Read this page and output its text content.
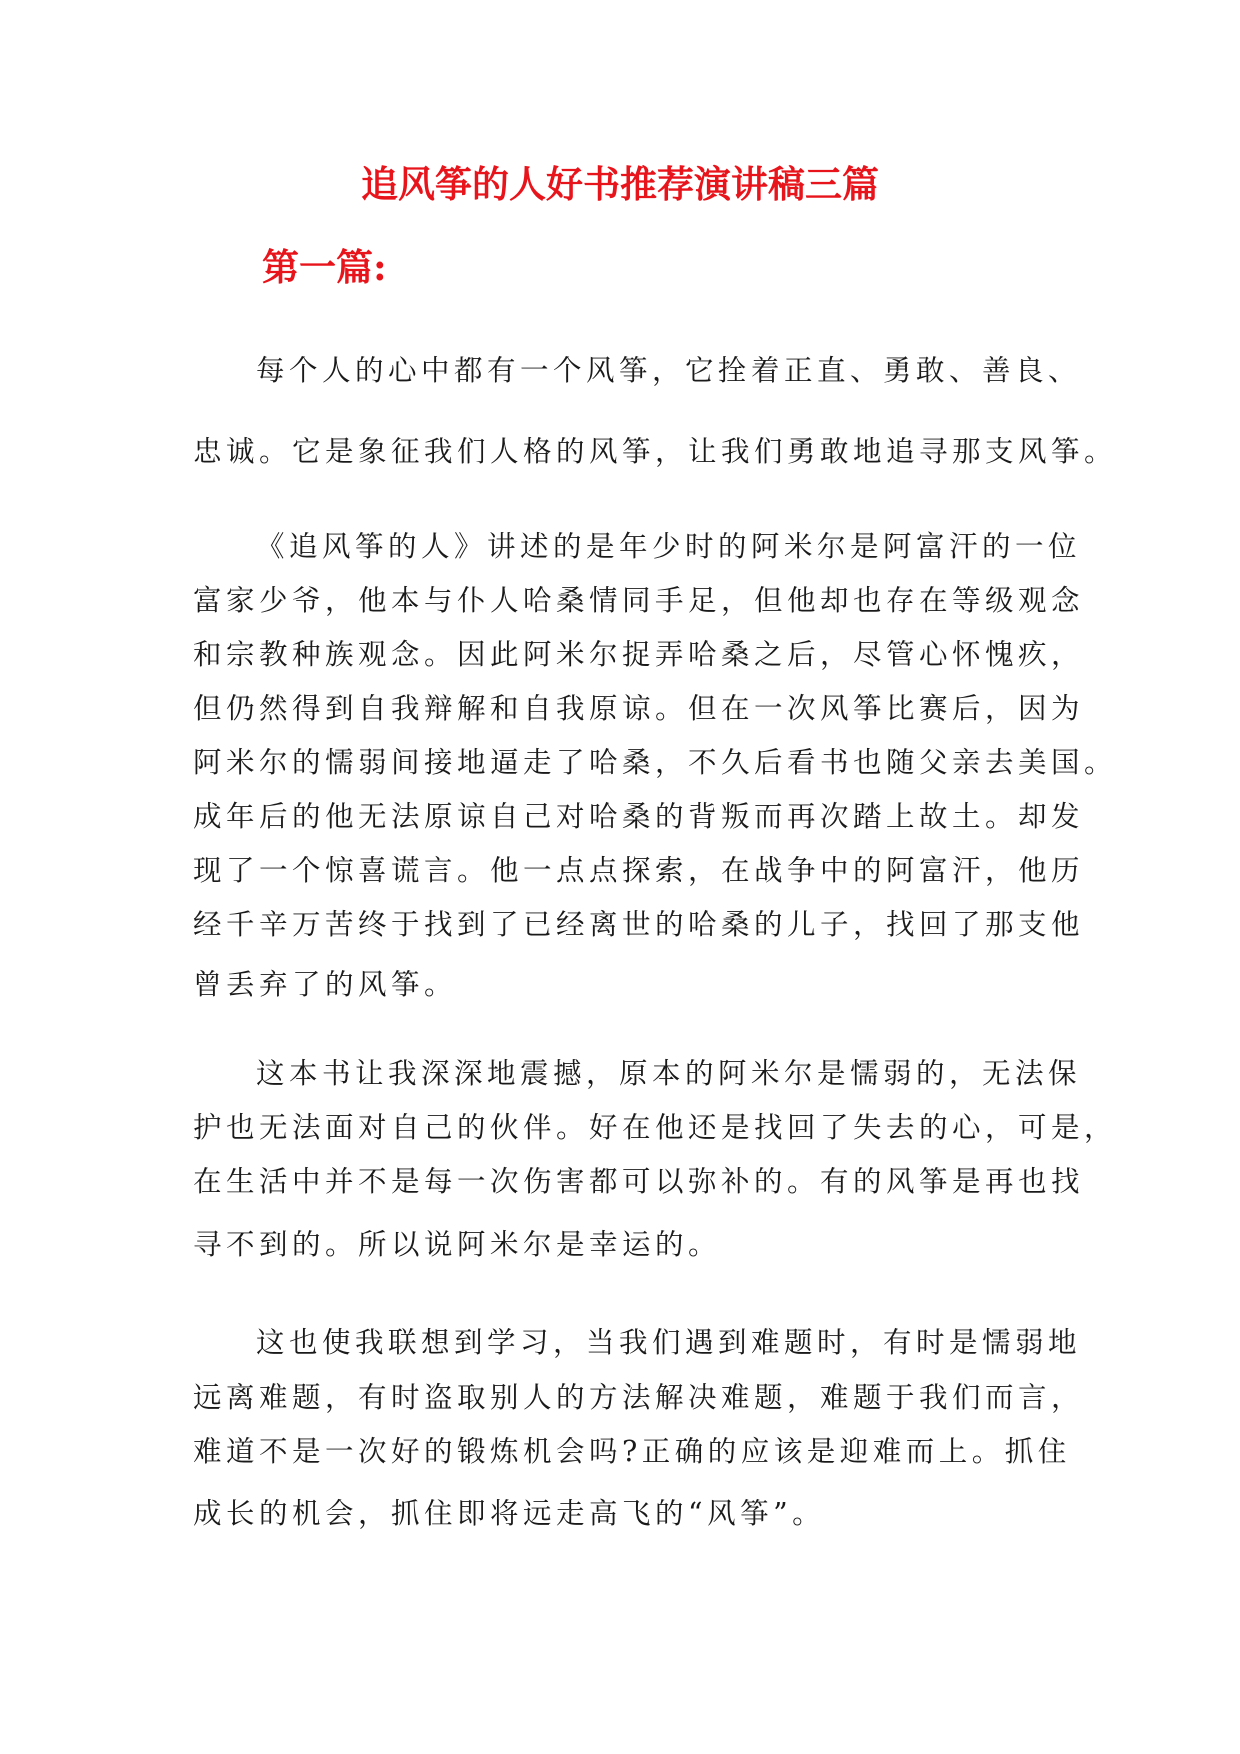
追风筝的人好书推荐演讲稿三篇
第一篇:
每个人的心中都有一个风筝，它拴着正直、勇敢、善良、
忠诚。它是象征我们人格的风筝，让我们勇敢地追寻那支风筝。
《追风筝的人》讲述的是年少时的阿米尔是阿富汗的一位
富家少爷，他本与仆人哈桑情同手足，但他却也存在等级观念
和宗教种族观念。因此阿米尔捉弄哈桑之后，尽管心怀愧疚，
但仍然得到自我辩解和自我原谅。但在一次风筝比赛后，因为
阿米尔的懦弱间接地逼走了哈桑，不久后看书也随父亲去美国。
成年后的他无法原谅自己对哈桑的背叛而再次踏上故土。却发
现了一个惊喜谎言。他一点点探索，在战争中的阿富汗，他历
经千辛万苦终于找到了已经离世的哈桑的儿子，找回了那支他
曾丢弃了的风筝。
这本书让我深深地震撼，原本的阿米尔是懦弱的，无法保
护也无法面对自己的伙伴。好在他还是找回了失去的心，可是，
在生活中并不是每一次伤害都可以弥补的。有的风筝是再也找
寻不到的。所以说阿米尔是幸运的。
这也使我联想到学习，当我们遇到难题时，有时是懦弱地
远离难题，有时盗取别人的方法解决难题，难题于我们而言，
难道不是一次好的锻炼机会吗?正确的应该是迎难而上。抓住
成长的机会，抓住即将远走高飞的“风筝”。
